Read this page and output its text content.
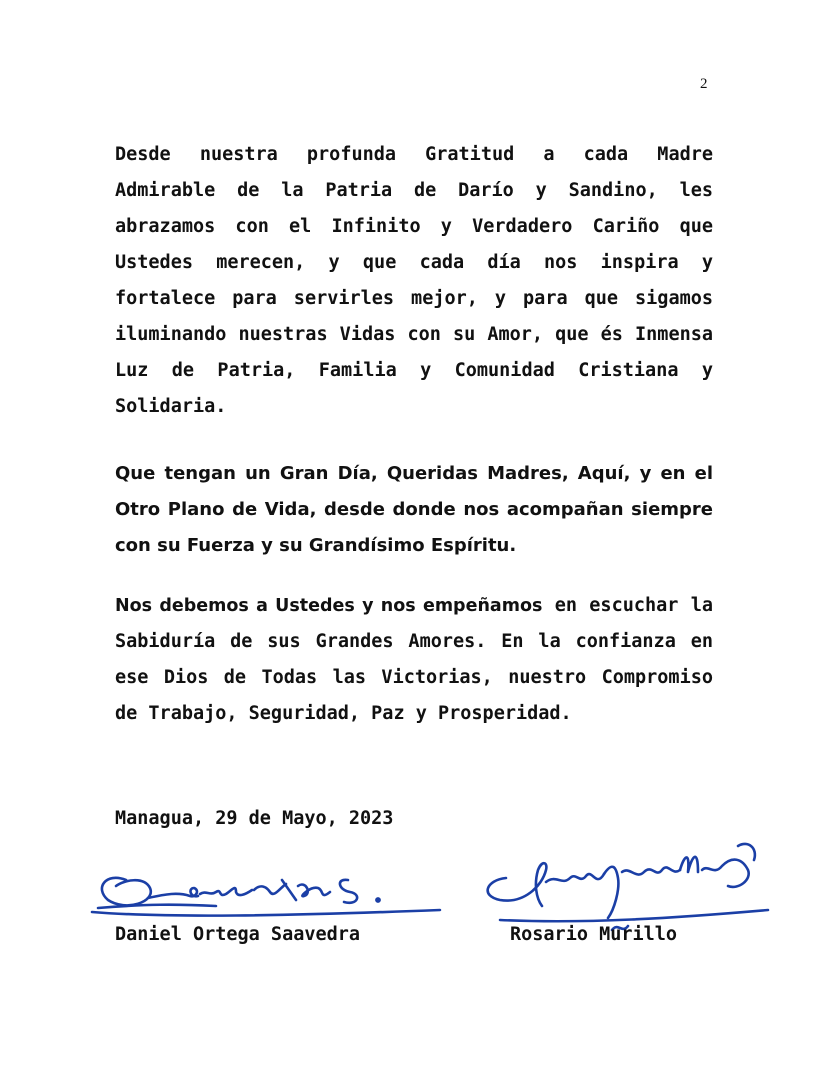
2

Desde nuestra profunda Gratitud a cada Madre Admirable de la Patria de Darío y Sandino, les abrazamos con el Infinito y Verdadero Cariño que Ustedes merecen, y que cada día nos inspira y fortalece para servirles mejor, y para que sigamos iluminando nuestras Vidas con su Amor, que és Inmensa Luz de Patria, Familia y Comunidad Cristiana y Solidaria.

Que tengan un Gran Día, Queridas Madres, Aquí, y en el Otro Plano de Vida, desde donde nos acompañan siempre con su Fuerza y su Grandísimo Espíritu.

Nos debemos a Ustedes y nos empeñamos en escuchar la Sabiduría de sus Grandes Amores. En la confianza en ese Dios de Todas las Victorias, nuestro Compromiso de Trabajo, Seguridad, Paz y Prosperidad.

Managua, 29 de Mayo, 2023
Daniel Ortega Saavedra	Rosario Murillo
